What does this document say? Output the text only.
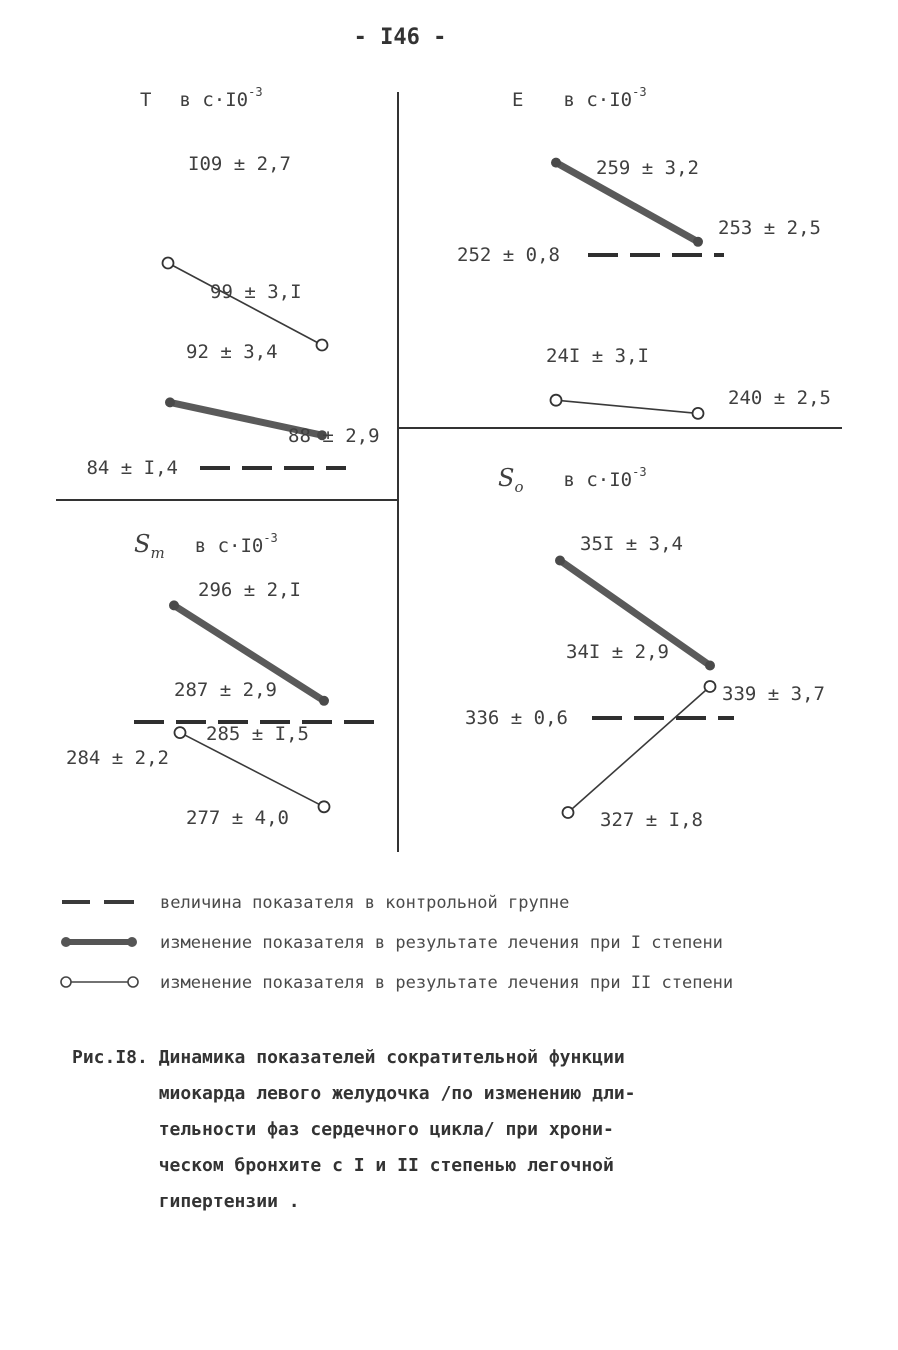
- I46 -
T в $с\cdot I0^{-3}$	E в $с\cdot I0^{-3}$
Sm в $с\cdot I0^{-3}$
So в $с\cdot I0^{-3}$
84 ± I,4
I09 ± 2,7
99 ± 3,I
92 ± 3,4
88 ± 2,9
252 ± 0,8
259 ± 3,2
253 ± 2,5
24I ± 3,I
240 ± 2,5
285 ± I,5
296 ± 2,I
287 ± 2,9
284 ± 2,2
277 ± 4,0
336 ± 0,6
35I ± 3,4
34I ± 2,9
327 ± I,8
339 ± 3,7
величина показателя в контрольной групне
изменение показателя в результате лечения при I степени
изменение показателя в результате лечения при II степени
Рис.I8. Динамика показателей сократительной функции
миокарда левого желудочка /по изменению дли-
тельности фаз сердечного цикла/ при хрони-
ческом бронхите с I и II степенью легочной
гипертензии .
